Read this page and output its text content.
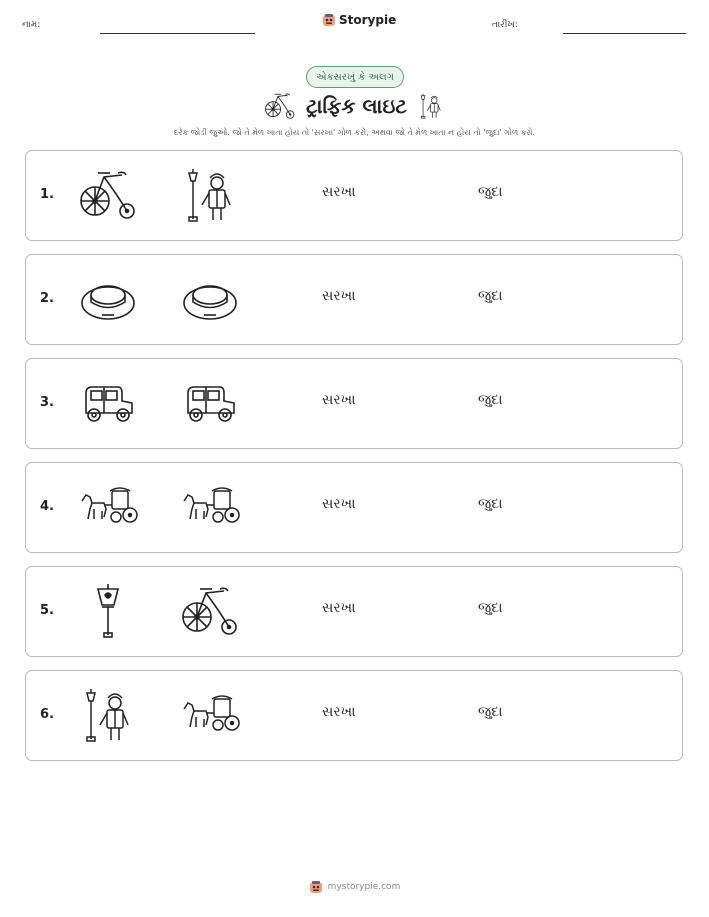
નામ:	Storypie	તારીખ:
એકસરખું કે અલગ
ટ્રાફિક લાઇટ
દરેક જોડી જુઓ. જો તે મેળ ખાતા હોય તો 'સરખા' ગોળ કરો, અથવા જો તે મેળ ખાતા ન હોય તો 'જુદા' ગોળ કરો.
1.	સરખા	જુદા
2.	સરખા	જુદા
3.	સરખા	જુદા
4.	સરખા	જુદા
5.	સરખા	જુદા
6.	સરખા	જુદા
mystorypie.com
